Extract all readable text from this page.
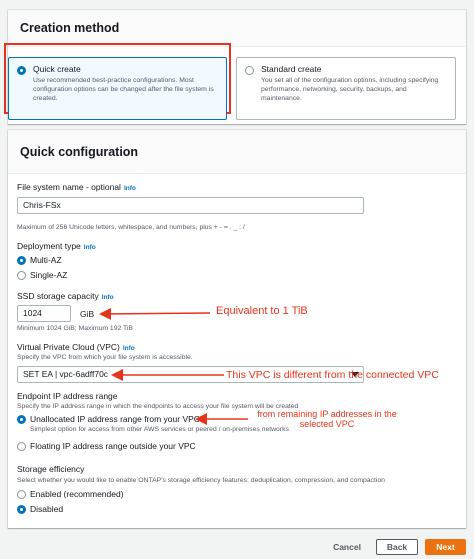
Creation method
Quick create
Use recommended best-practice configurations. Most configuration options can be changed after the file system is created.
Standard create
You set all of the configuration options, including specifying performance, networking, security, backups, and maintenance.
Quick configuration
File system name - optional Info
Chris-FSx
Maximum of 256 Unicode letters, whitespace, and numbers, plus + - = . _ : /
Deployment type Info
Multi-AZ
Single-AZ
SSD storage capacity Info
1024	GiB
Minimum 1024 GiB; Maximum 192 TiB
Virtual Private Cloud (VPC) Info
Specify the VPC from which your file system is accessible.
SET EA | vpc-6adff70c
Endpoint IP address range
Specify the IP address range in which the endpoints to access your file system will be created
Unallocated IP address range from your VPC
Simplest option for access from other AWS services or peered / on-premises networks
Floating IP address range outside your VPC
Storage efficiency
Select whether you would like to enable ONTAP's storage efficiency features: deduplication, compression, and compaction
Enabled (recommended)
Disabled
Equivalent to 1 TiB
This VPC is different from the connected VPC
from remaining IP addresses in the
selected VPC
Cancel	Back	Next
